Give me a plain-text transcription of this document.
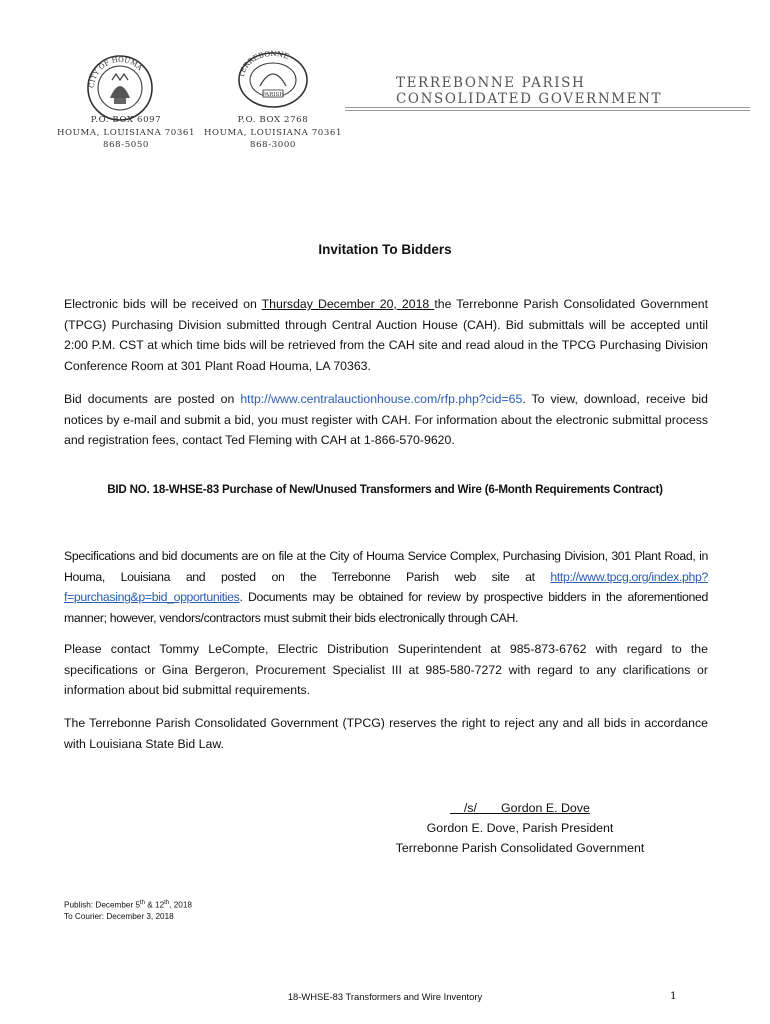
CITY OF HOUMA
TERREBONNE
PARISH
P.O. BOX 6097
HOUMA, LOUISIANA 70361
868-5050
P.O. BOX 2768
HOUMA, LOUISIANA 70361
868-3000
TERREBONNE PARISH
CONSOLIDATED GOVERNMENT
Invitation To Bidders
Electronic bids will be received on Thursday December 20, 2018 the Terrebonne Parish Consolidated Government (TPCG) Purchasing Division submitted through Central Auction House (CAH). Bid submittals will be accepted until 2:00 P.M. CST at which time bids will be retrieved from the CAH site and read aloud in the TPCG Purchasing Division Conference Room at 301 Plant Road Houma, LA 70363.
Bid documents are posted on http://www.centralauctionhouse.com/rfp.php?cid=65. To view, download, receive bid notices by e-mail and submit a bid, you must register with CAH. For information about the electronic submittal process and registration fees, contact Ted Fleming with CAH at 1-866-570-9620.
BID NO. 18-WHSE-83 Purchase of New/Unused Transformers and Wire (6-Month Requirements Contract)
Specifications and bid documents are on file at the City of Houma Service Complex, Purchasing Division, 301 Plant Road, in Houma, Louisiana and posted on the Terrebonne Parish web site at http://www.tpcg.org/index.php?f=purchasing&p=bid_opportunities. Documents may be obtained for review by prospective bidders in the aforementioned manner; however, vendors/contractors must submit their bids electronically through CAH.
Please contact Tommy LeCompte, Electric Distribution Superintendent at 985-873-6762 with regard to the specifications or Gina Bergeron, Procurement Specialist III at 985-580-7272 with regard to any clarifications or information about bid submittal requirements.
The Terrebonne Parish Consolidated Government (TPCG) reserves the right to reject any and all bids in accordance with Louisiana State Bid Law.
/s/       Gordon E. Dove
Gordon E. Dove, Parish President
Terrebonne Parish Consolidated Government
Publish: December 5th & 12th, 2018
To Courier: December 3, 2018
18-WHSE-83 Transformers and Wire Inventory	1
